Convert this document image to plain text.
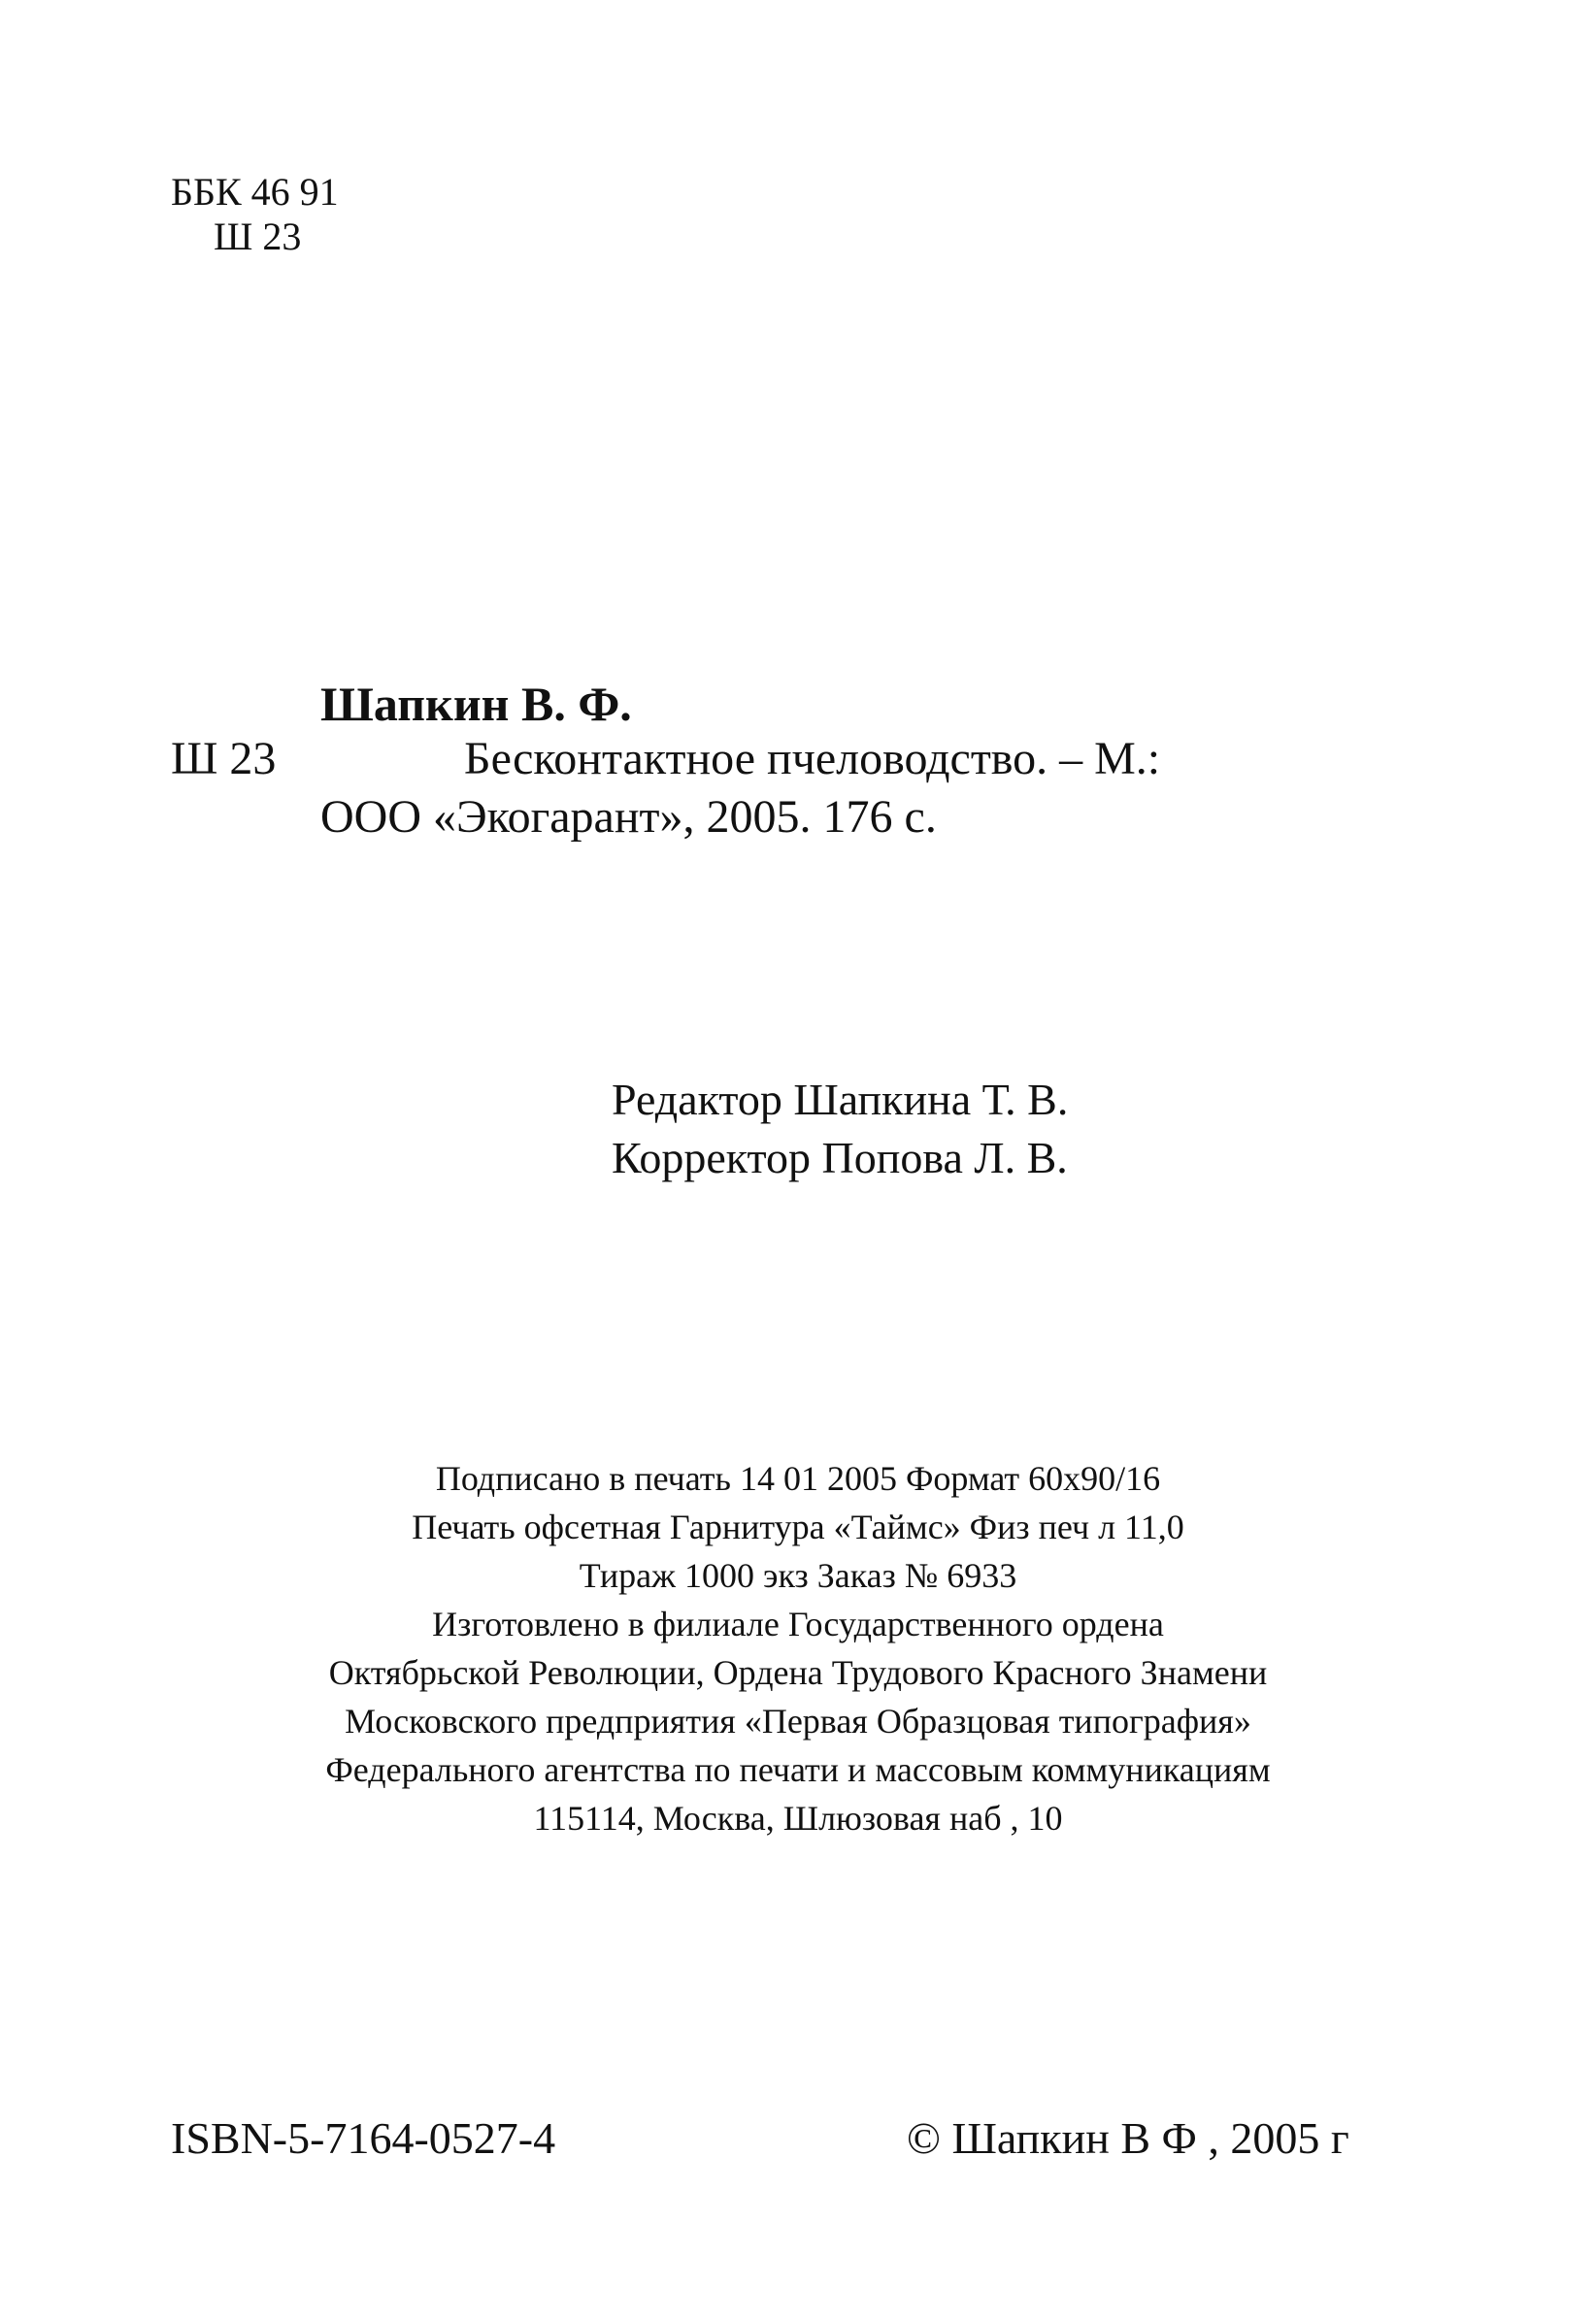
ББК 46 91
Ш 23
Шапкин В. Ф.
Ш 23	Бесконтактное пчеловодство. – М.:
ООО «Экогарант», 2005. 176 с.
Редактор Шапкина Т. В.
Корректор Попова Л. В.
Подписано в печать 14 01 2005 Формат 60х90/16
Печать офсетная Гарнитура «Таймс» Физ печ л 11,0
Тираж 1000 экз Заказ № 6933
Изготовлено в филиале Государственного ордена
Октябрьской Революции, Ордена Трудового Красного Знамени
Московского предприятия «Первая Образцовая типография»
Федерального агентства по печати и массовым коммуникациям
115114, Москва, Шлюзовая наб , 10
ISBN-5-7164-0527-4	© Шапкин В Ф , 2005 г
